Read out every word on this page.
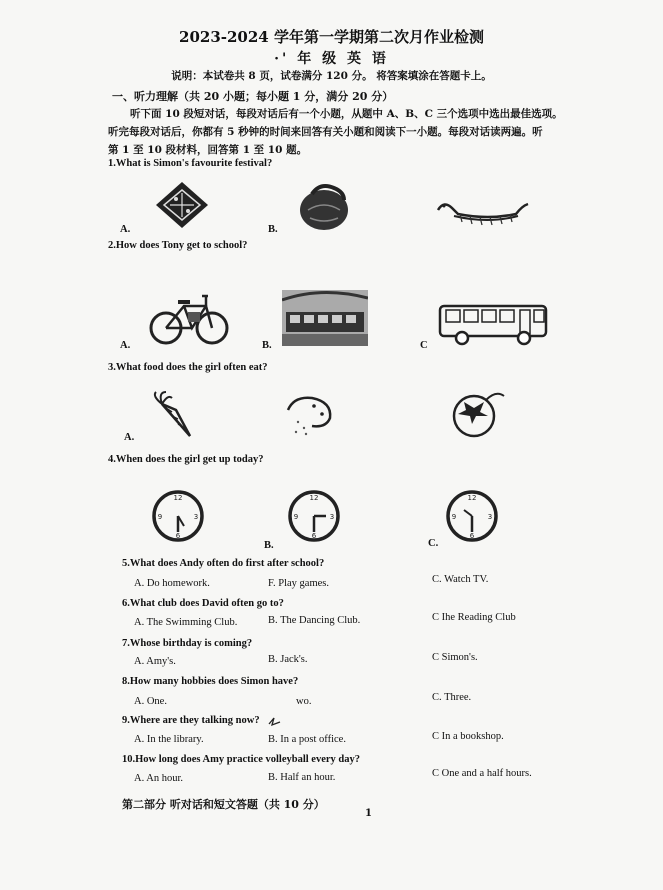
2023-2024 学年第一学期第二次月作业检测
·' 年 级 英 语
说明：本试卷共 8 页，试卷满分 120 分。 将答案填涂在答题卡上。
一、听力理解（共 20 小题；每小题 1 分，满分 20 分）
听下面 10 段短对话，每段对话后有一个小题，从题中 A、B、C 三个选项中选出最佳选项。
听完每段对话后，你都有 5 秒钟的时间来回答有关小题和阅读下一小题。每段对话读两遍。听
第 1 至 10 段材料，回答第 1 至 10 题。
1.What is Simon's favourite festival?
A.	B.
2.How does Tony get to school?
A.	B.	C
3.What food does the girl often eat?
A.
4.When does the girl get up today?
12
3
6
9
12
3
6
9
B.
12
3
6
9
C.
5.What does Andy often do first after school?
A. Do homework.	F. Play games.	C. Watch TV.
6.What club does David often go to?
A. The Swimming Club.	B. The Dancing Club.	C Ihe Reading Club
7.Whose birthday is coming?
A. Amy's.	B. Jack's.	C Simon's.
8.How many hobbies does Simon have?
A. One.	wo.	C. Three.
9.Where are they talking now?
A. In the library.	B. In a post office.	C In a bookshop.
10.How long does Amy practice volleyball every day?
A. An hour.	B. Half an hour.	C One and a half hours.
第二部分 听对话和短文答题（共 10 分）
1
